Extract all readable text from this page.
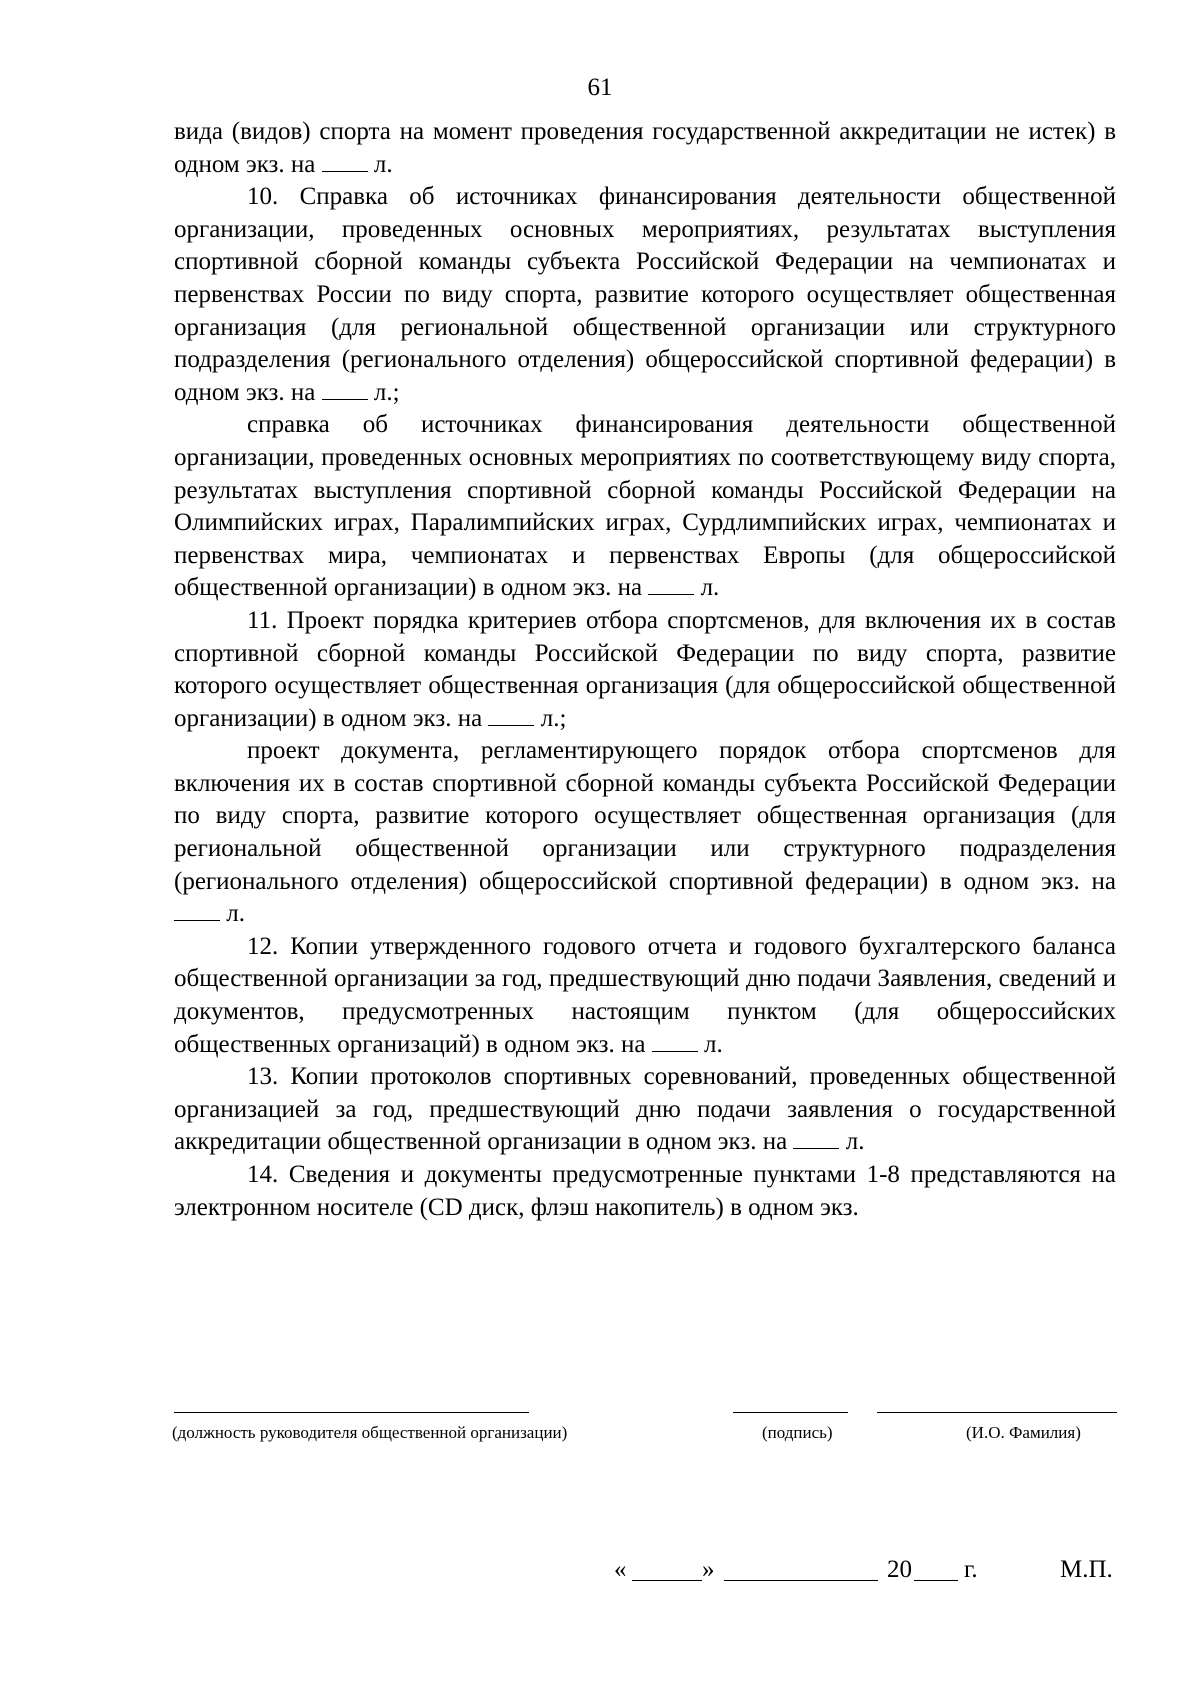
61

вида (видов) спорта на момент проведения государственной аккредитации не истек) в одном экз. на  л.

10. Справка об источниках финансирования деятельности общественной организации, проведенных основных мероприятиях, результатах выступления спортивной сборной команды субъекта Российской Федерации на чемпионатах и первенствах России по виду спорта, развитие которого осуществляет общественная организация (для региональной общественной организации или структурного подразделения (регионального отделения) общероссийской спортивной федерации) в одном экз. на  л.;

справка об источниках финансирования деятельности общественной организации, проведенных основных мероприятиях по соответствующему виду спорта, результатах выступления спортивной сборной команды Российской Федерации на Олимпийских играх, Паралимпийских играх, Сурдлимпийских играх, чемпионатах и первенствах мира, чемпионатах и первенствах Европы (для общероссийской общественной организации) в одном экз. на  л.

11. Проект порядка критериев отбора спортсменов, для включения их в состав спортивной сборной команды Российской Федерации по виду спорта, развитие которого осуществляет общественная организация (для общероссийской общественной организации) в одном экз. на  л.;

проект документа, регламентирующего порядок отбора спортсменов для включения их в состав спортивной сборной команды субъекта Российской Федерации по виду спорта, развитие которого осуществляет общественная организация (для региональной общественной организации или структурного подразделения (регионального отделения) общероссийской спортивной федерации) в одном экз. на  л.

12. Копии утвержденного годового отчета и годового бухгалтерского баланса общественной организации за год, предшествующий дню подачи Заявления, сведений и документов, предусмотренных настоящим пунктом (для общероссийских общественных организаций) в одном экз. на  л.

13. Копии протоколов спортивных соревнований, проведенных общественной организацией за год, предшествующий дню подачи заявления о государственной аккредитации общественной организации в одном экз. на  л.

14. Сведения и документы предусмотренные пунктами 1-8 представляются на электронном носителе (CD диск, флэш накопитель) в одном экз.

(должность руководителя общественной организации)	(подпись)	(И.О. Фамилия)
«	»	20 г.	М.П.
